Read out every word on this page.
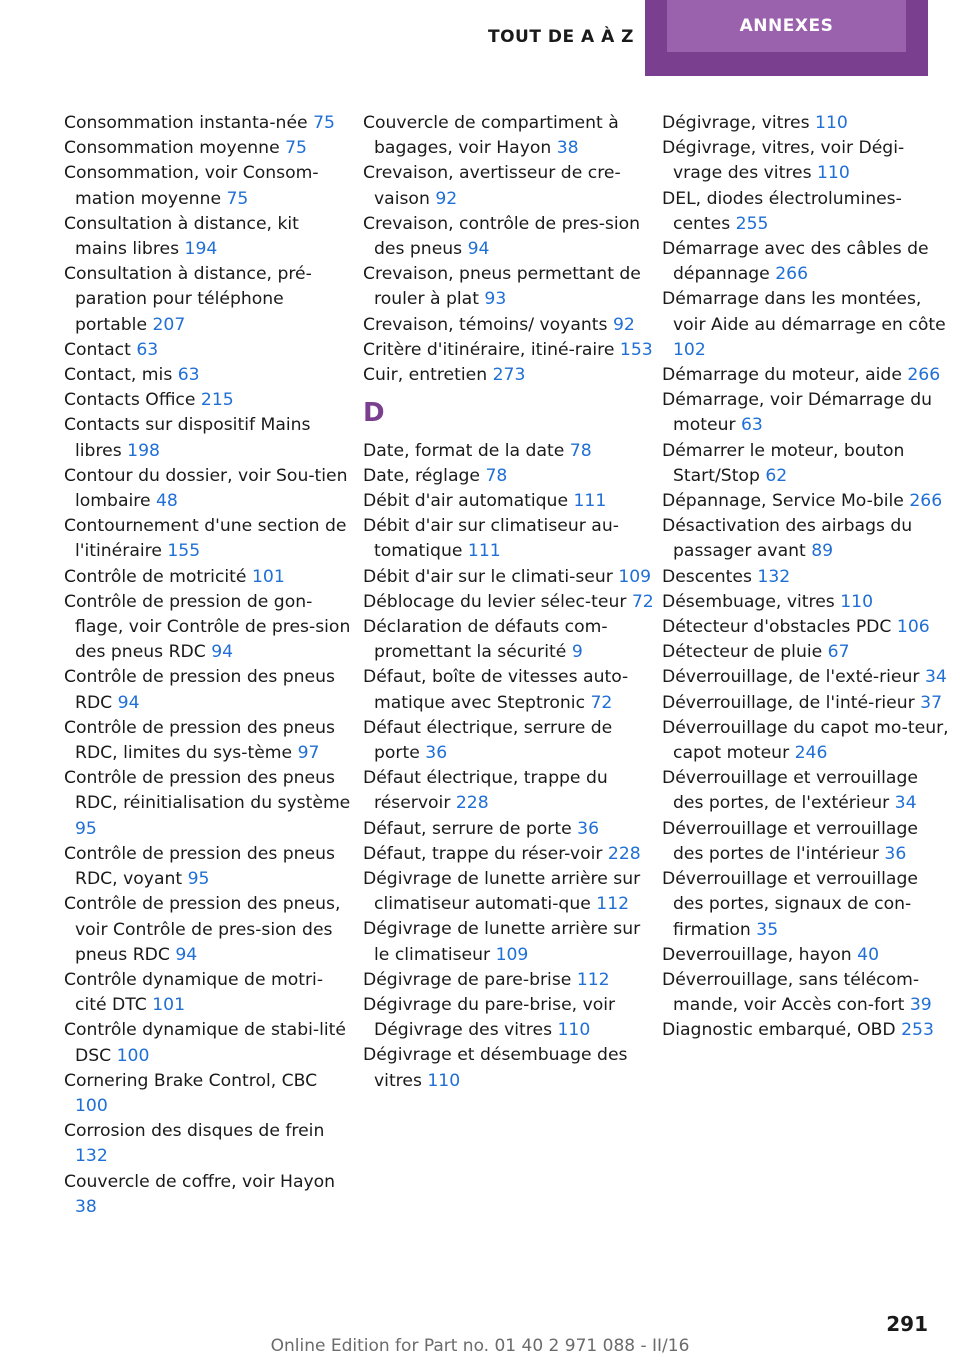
TOUT DE A À Z
ANNEXES
Consommation instanta-née 75
Consommation moyenne 75
Consommation, voir Consom-mation moyenne 75
Consultation à distance, kit mains libres 194
Consultation à distance, pré-paration pour téléphone portable 207
Contact 63
Contact, mis 63
Contacts Office 215
Contacts sur dispositif Mains libres 198
Contour du dossier, voir Sou-tien lombaire 48
Contournement d'une section de l'itinéraire 155
Contrôle de motricité 101
Contrôle de pression de gon-flage, voir Contrôle de pres-sion des pneus RDC 94
Contrôle de pression des pneus RDC 94
Contrôle de pression des pneus RDC, limites du sys-tème 97
Contrôle de pression des pneus RDC, réinitialisation du système 95
Contrôle de pression des pneus RDC, voyant 95
Contrôle de pression des pneus, voir Contrôle de pres-sion des pneus RDC 94
Contrôle dynamique de motri-cité DTC 101
Contrôle dynamique de stabi-lité DSC 100
Cornering Brake Control, CBC 100
Corrosion des disques de frein 132
Couvercle de coffre, voir Hayon 38
Couvercle de compartiment à bagages, voir Hayon 38
Crevaison, avertisseur de cre-vaison 92
Crevaison, contrôle de pres-sion des pneus 94
Crevaison, pneus permettant de rouler à plat 93
Crevaison, témoins/ voyants 92
Critère d'itinéraire, itiné-raire 153
Cuir, entretien 273
D
Date, format de la date 78
Date, réglage 78
Débit d'air automatique 111
Débit d'air sur climatiseur au-tomatique 111
Débit d'air sur le climati-seur 109
Déblocage du levier sélec-teur 72
Déclaration de défauts com-promettant la sécurité 9
Défaut, boîte de vitesses auto-matique avec Steptronic 72
Défaut électrique, serrure de porte 36
Défaut électrique, trappe du réservoir 228
Défaut, serrure de porte 36
Défaut, trappe du réser-voir 228
Dégivrage de lunette arrière sur climatiseur automati-que 112
Dégivrage de lunette arrière sur le climatiseur 109
Dégivrage de pare-brise 112
Dégivrage du pare-brise, voir Dégivrage des vitres 110
Dégivrage et désembuage des vitres 110
Dégivrage, vitres 110
Dégivrage, vitres, voir Dégi-vrage des vitres 110
DEL, diodes électrolumines-centes 255
Démarrage avec des câbles de dépannage 266
Démarrage dans les montées, voir Aide au démarrage en côte 102
Démarrage du moteur, aide 266
Démarrage, voir Démarrage du moteur 63
Démarrer le moteur, bouton Start/Stop 62
Dépannage, Service Mo-bile 266
Désactivation des airbags du passager avant 89
Descentes 132
Désembuage, vitres 110
Détecteur d'obstacles PDC 106
Détecteur de pluie 67
Déverrouillage, de l'exté-rieur 34
Déverrouillage, de l'inté-rieur 37
Déverrouillage du capot mo-teur, capot moteur 246
Déverrouillage et verrouillage des portes, de l'extérieur 34
Déverrouillage et verrouillage des portes de l'intérieur 36
Déverrouillage et verrouillage des portes, signaux de con-firmation 35
Deverrouillage, hayon 40
Déverrouillage, sans télécom-mande, voir Accès con-fort 39
Diagnostic embarqué, OBD 253
291
Online Edition for Part no. 01 40 2 971 088 - II/16
